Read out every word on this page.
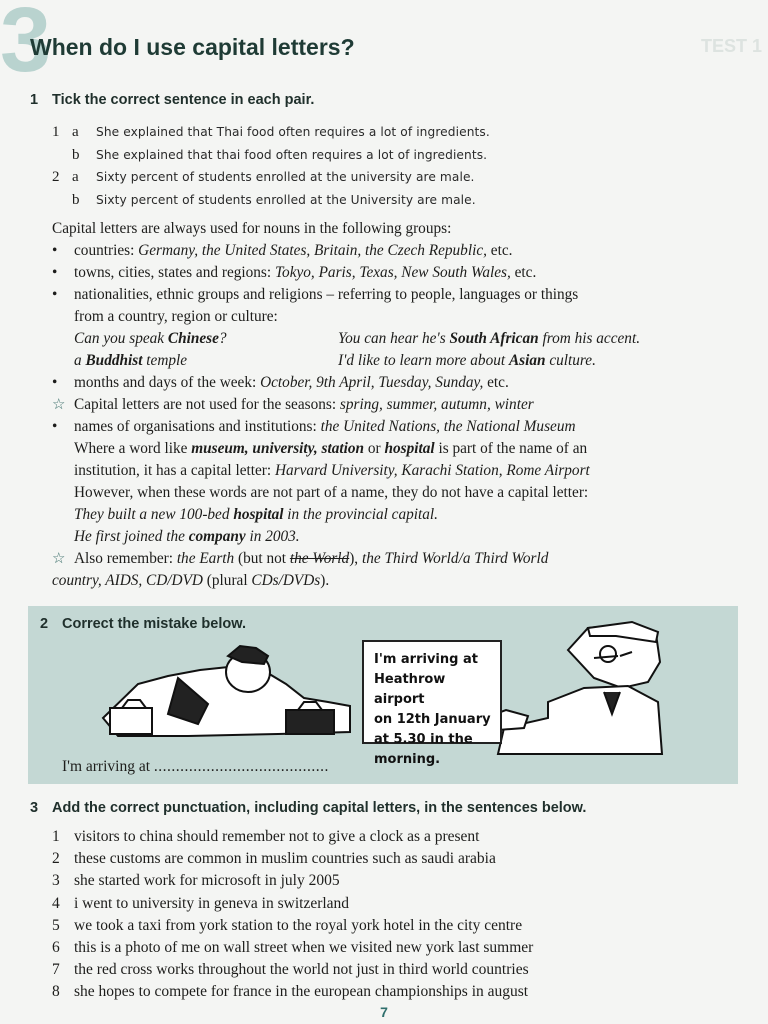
3
When do I use capital letters?	TEST 1
1 Tick the correct sentence in each pair.
1 a	She explained that Thai food often requires a lot of ingredients.
b	She explained that thai food often requires a lot of ingredients.
2 a	Sixty percent of students enrolled at the university are male.
b	Sixty percent of students enrolled at the University are male.
Capital letters are always used for nouns in the following groups:
• countries: Germany, the United States, Britain, the Czech Republic, etc.
• towns, cities, states and regions: Tokyo, Paris, Texas, New South Wales, etc.
• nationalities, ethnic groups and religions – referring to people, languages or things
from a country, region or culture:
Can you speak Chinese?	You can hear he's South African from his accent.
a Buddhist temple	I'd like to learn more about Asian culture.
• months and days of the week: October, 9th April, Tuesday, Sunday, etc.
☆ Capital letters are not used for the seasons: spring, summer, autumn, winter
• names of organisations and institutions: the United Nations, the National Museum
Where a word like museum, university, station or hospital is part of the name of an
institution, it has a capital letter: Harvard University, Karachi Station, Rome Airport
However, when these words are not part of a name, they do not have a capital letter:
They built a new 100-bed hospital in the provincial capital.
He first joined the company in 2003.
☆ Also remember: the Earth (but not the World), the Third World/a Third World
country, AIDS, CD/DVD (plural CDs/DVDs).
2 Correct the mistake below.
I'm arriving at
Heathrow airport
on 12th January
at 5.30 in the
morning.
I'm arriving at ........................................
3 Add the correct punctuation, including capital letters, in the sentences below.
1 visitors to china should remember not to give a clock as a present
2 these customs are common in muslim countries such as saudi arabia
3 she started work for microsoft in july 2005
4 i went to university in geneva in switzerland
5 we took a taxi from york station to the royal york hotel in the city centre
6 this is a photo of me on wall street when we visited new york last summer
7 the red cross works throughout the world not just in third world countries
8 she hopes to compete for france in the european championships in august
7
